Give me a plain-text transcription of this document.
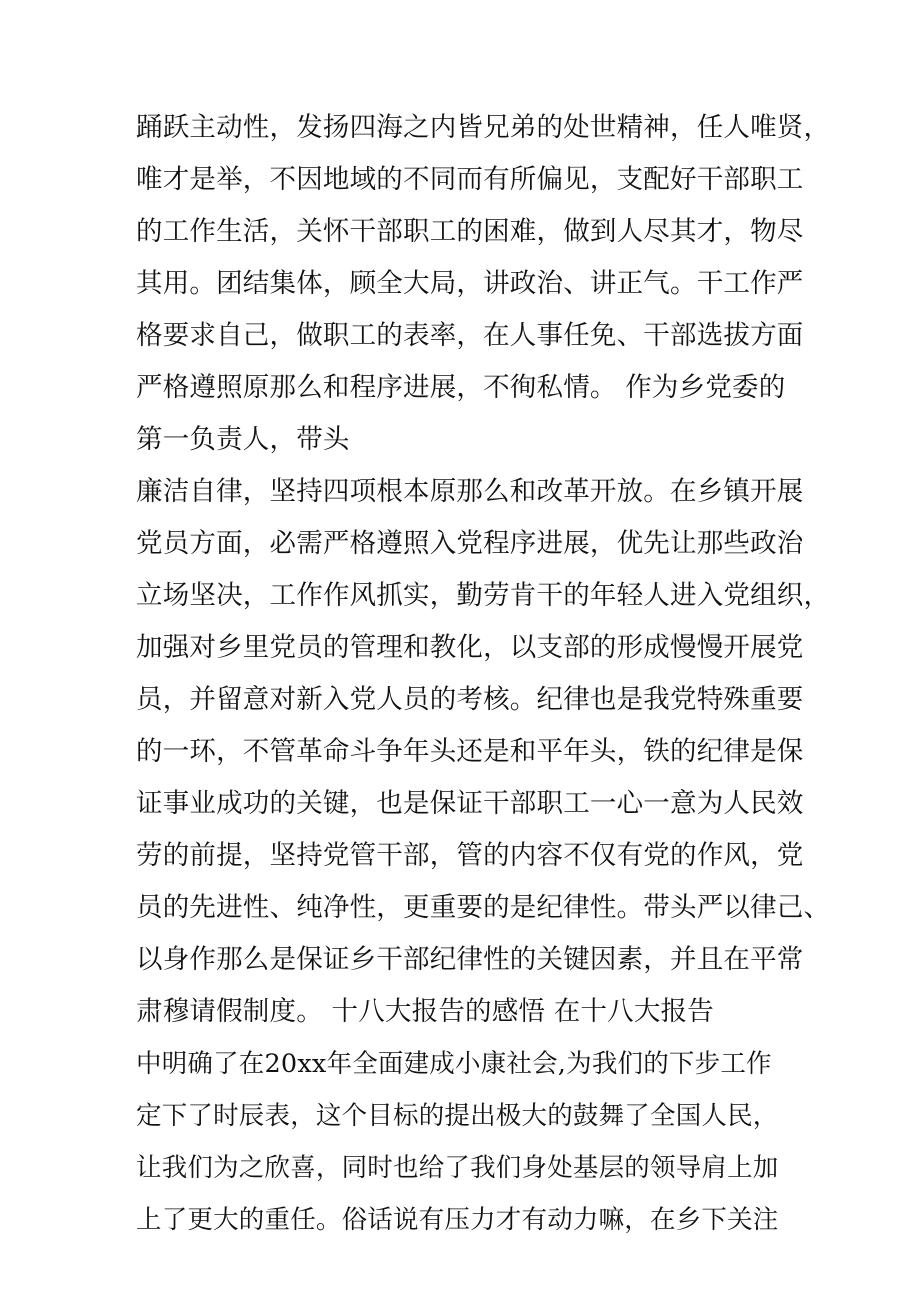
踊跃主动性，发扬四海之内皆兄弟的处世精神，任人唯贤，
唯才是举，不因地域的不同而有所偏见，支配好干部职工
的工作生活，关怀干部职工的困难，做到人尽其才，物尽
其用。团结集体，顾全大局，讲政治、讲正气。干工作严
格要求自己，做职工的表率，在人事任免、干部选拔方面
严格遵照原那么和程序进展，不徇私情。 作为乡党委的
第一负责人，带头
廉洁自律，坚持四项根本原那么和改革开放。在乡镇开展
党员方面，必需严格遵照入党程序进展，优先让那些政治
立场坚决，工作作风抓实，勤劳肯干的年轻人进入党组织，
加强对乡里党员的管理和教化，以支部的形成慢慢开展党
员，并留意对新入党人员的考核。纪律也是我党特殊重要
的一环，不管革命斗争年头还是和平年头，铁的纪律是保
证事业成功的关键，也是保证干部职工一心一意为人民效
劳的前提，坚持党管干部，管的内容不仅有党的作风，党
员的先进性、纯净性，更重要的是纪律性。带头严以律己、
以身作那么是保证乡干部纪律性的关键因素，并且在平常
肃穆请假制度。 十八大报告的感悟 在十八大报告
中明确了在20xx年全面建成小康社会,为我们的下步工作
定下了时辰表，这个目标的提出极大的鼓舞了全国人民，
让我们为之欣喜，同时也给了我们身处基层的领导肩上加
上了更大的重任。俗话说有压力才有动力嘛，在乡下关注
